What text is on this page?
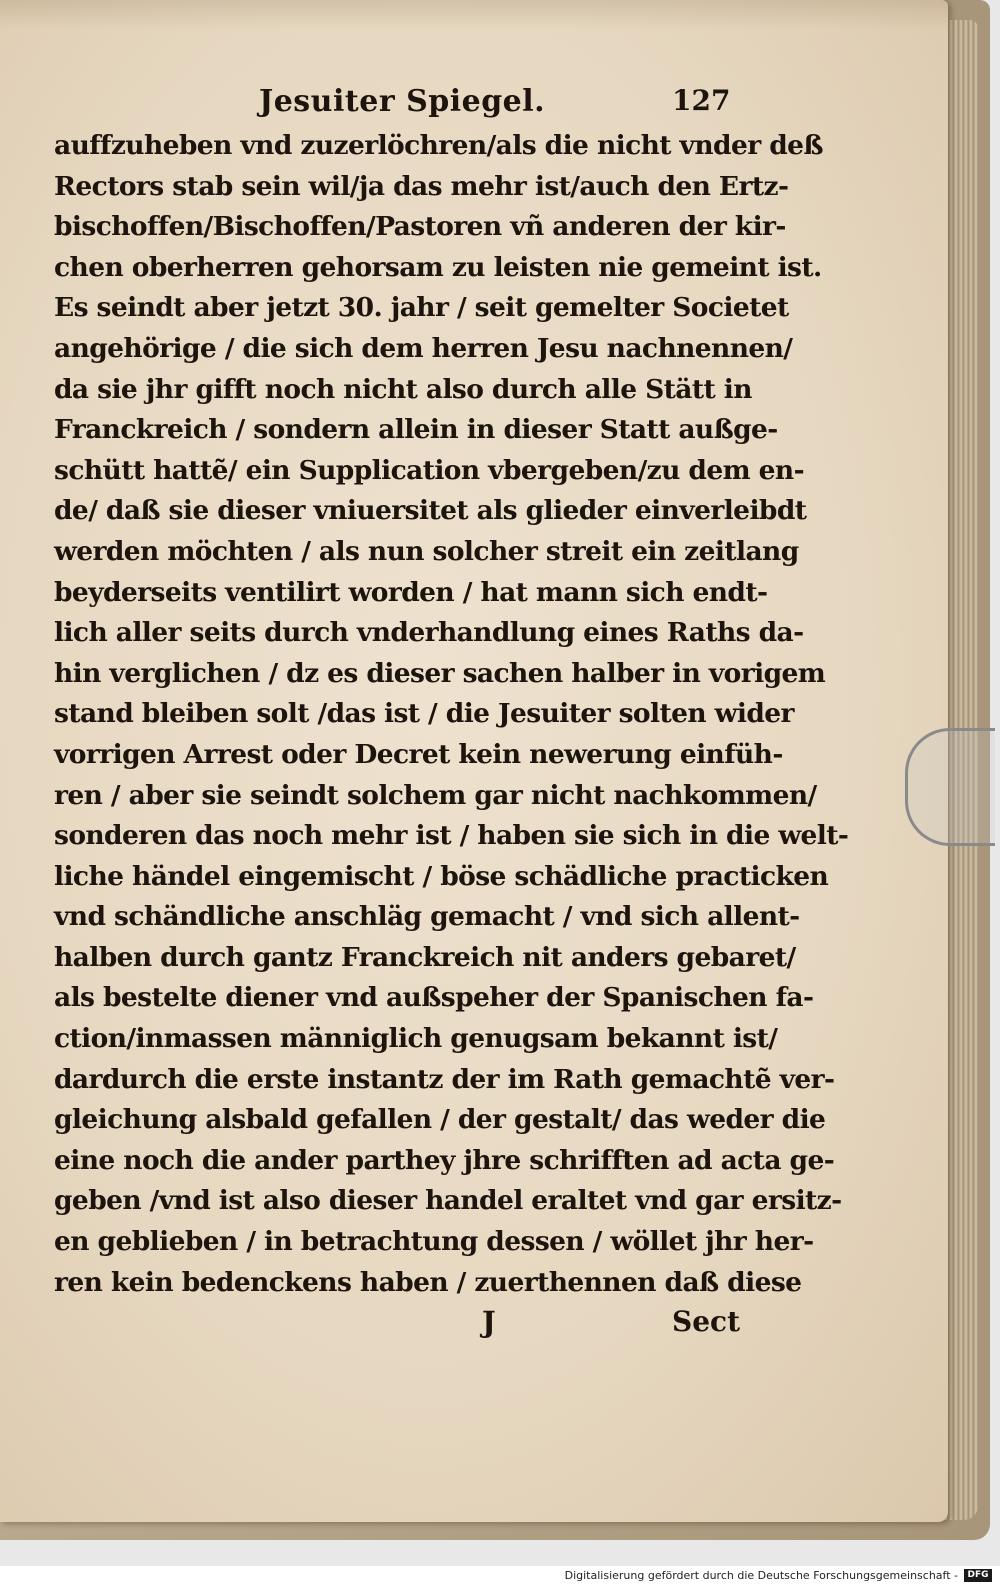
Jesuiter Spiegel.	127
auffzuheben vnd zuzerlöchren/als die nicht vnder deß
Rectors stab sein wil/ja das mehr ist/auch den Ertz-
bischoffen/Bischoffen/Pastoren vñ anderen der kir-
chen oberherren gehorsam zu leisten nie gemeint ist.
Es seindt aber jetzt 30. jahr / seit gemelter Societet
angehörige / die sich dem herren Jesu nachnennen/
da sie jhr gifft noch nicht also durch alle Stätt in
Franckreich / sondern allein in dieser Statt außge-
schütt hattẽ/ ein Supplication vbergeben/zu dem en-
de/ daß sie dieser vniuersitet als glieder einverleibdt
werden möchten / als nun solcher streit ein zeitlang
beyderseits ventilirt worden / hat mann sich endt-
lich aller seits durch vnderhandlung eines Raths da-
hin verglichen / dz es dieser sachen halber in vorigem
stand bleiben solt /das ist / die Jesuiter solten wider
vorrigen Arrest oder Decret kein newerung einfüh-
ren / aber sie seindt solchem gar nicht nachkommen/
sonderen das noch mehr ist / haben sie sich in die welt-
liche händel eingemischt / böse schädliche practicken
vnd schändliche anschläg gemacht / vnd sich allent-
halben durch gantz Franckreich nit anders gebaret/
als bestelte diener vnd außspeher der Spanischen fa-
ction/inmassen männiglich genugsam bekannt ist/
dardurch die erste instantz der im Rath gemachtẽ ver-
gleichung alsbald gefallen / der gestalt/ das weder die
eine noch die ander parthey jhre schrifften ad acta ge-
geben /vnd ist also dieser handel eraltet vnd gar ersitz-
en geblieben / in betrachtung dessen / wöllet jhr her-
ren kein bedenckens haben / zuerthennen daß diese
J	Sect
Digitalisierung gefördert durch die Deutsche Forschungsgemeinschaft -	DFG
